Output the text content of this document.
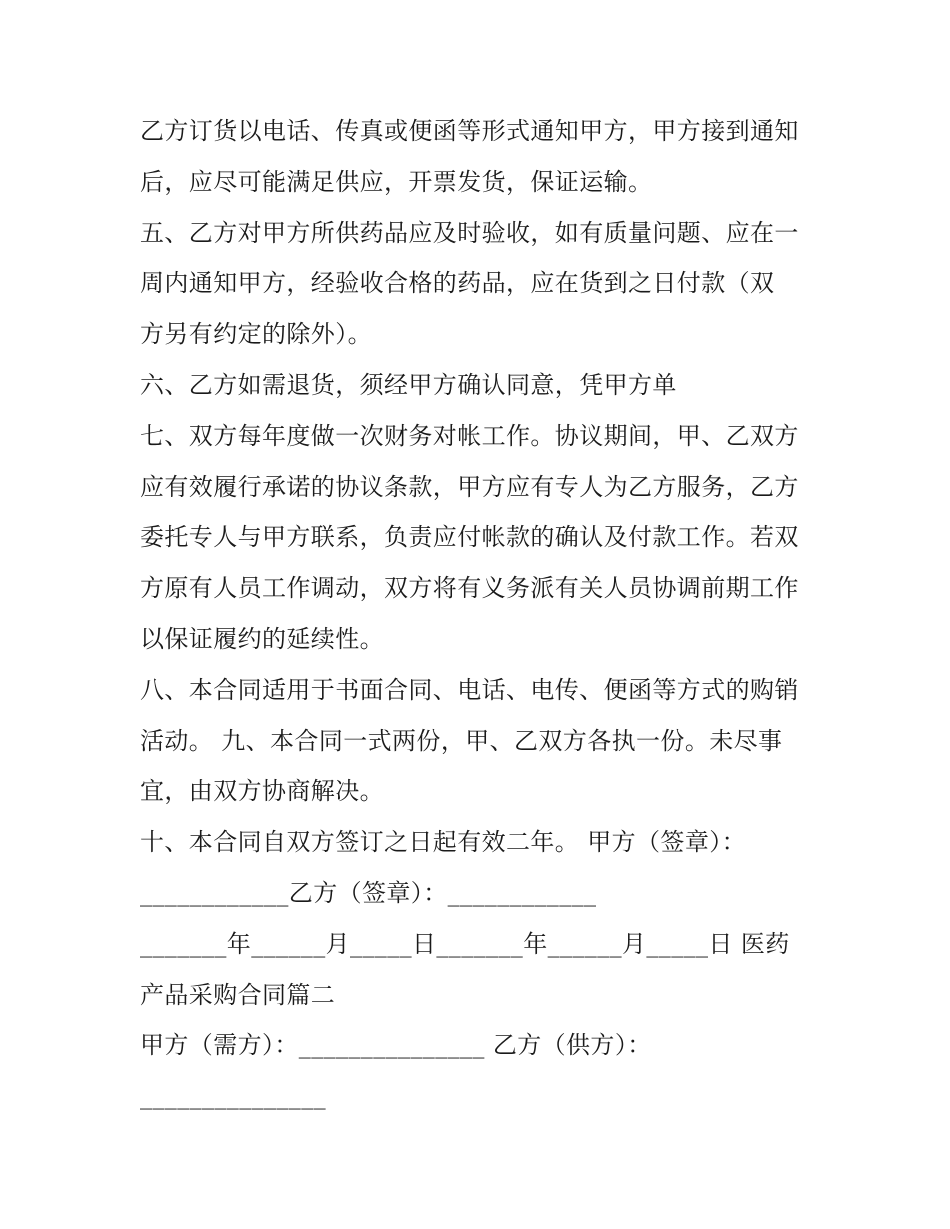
乙方订货以电话、传真或便函等形式通知甲方，甲方接到通知
后，应尽可能满足供应，开票发货，保证运输。
五、乙方对甲方所供药品应及时验收，如有质量问题、应在一
周内通知甲方，经验收合格的药品，应在货到之日付款（双
方另有约定的除外）。
六、乙方如需退货，须经甲方确认同意，凭甲方单
七、双方每年度做一次财务对帐工作。协议期间，甲、乙双方
应有效履行承诺的协议条款，甲方应有专人为乙方服务，乙方
委托专人与甲方联系，负责应付帐款的确认及付款工作。若双
方原有人员工作调动，双方将有义务派有关人员协调前期工作
以保证履约的延续性。
八、本合同适用于书面合同、电话、电传、便函等方式的购销
活动。 九、本合同一式两份，甲、乙双方各执一份。未尽事
宜，由双方协商解决。
十、本合同自双方签订之日起有效二年。 甲方（签章）：
____________乙方（签章）：____________
_______年______月_____日_______年______月_____日 医药
产品采购合同篇二
甲方（需方）：_______________ 乙方（供方）：
_______________
